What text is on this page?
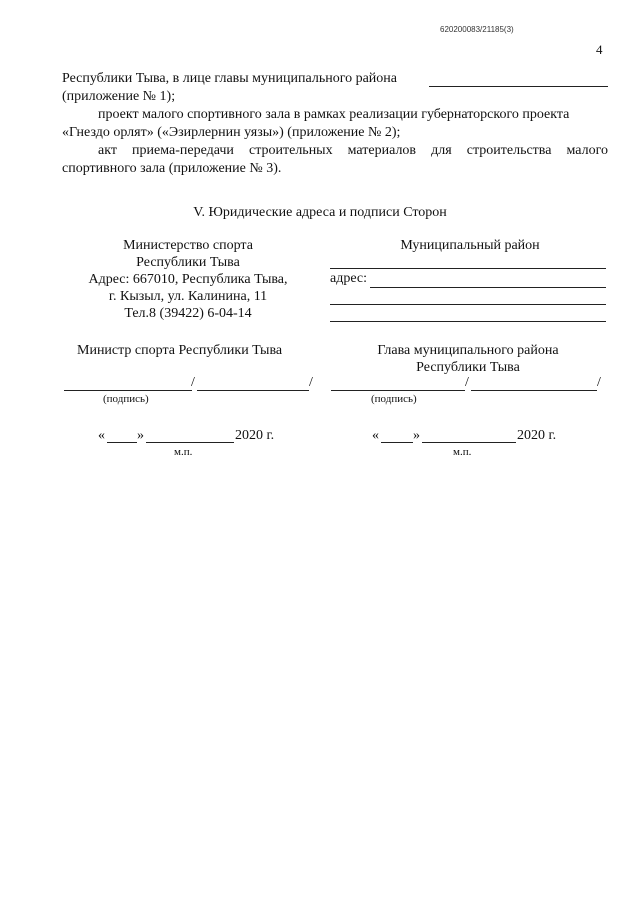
620200083/21185(3)
4
Республики Тыва, в лице главы муниципального района
(приложение № 1);
проект малого спортивного зала в рамках реализации губернаторского проекта
«Гнездо орлят» («Эзирлернин уязы») (приложение № 2);
акт приема-передачи строительных материалов для строительства малого
спортивного зала (приложение № 3).
V. Юридические адреса и подписи Сторон
Министерство спорта
Республики Тыва
Адрес: 667010, Республика Тыва,
г. Кызыл, ул. Калинина, 11
Тел.8 (39422) 6-04-14
Муниципальный район
адрес:
Министр спорта Республики Тыва	Глава муниципального района
Республики Тыва
/	/
(подпись)
/	/
(подпись)
« »	2020 г.
м.п.
« »	2020 г.
м.п.
